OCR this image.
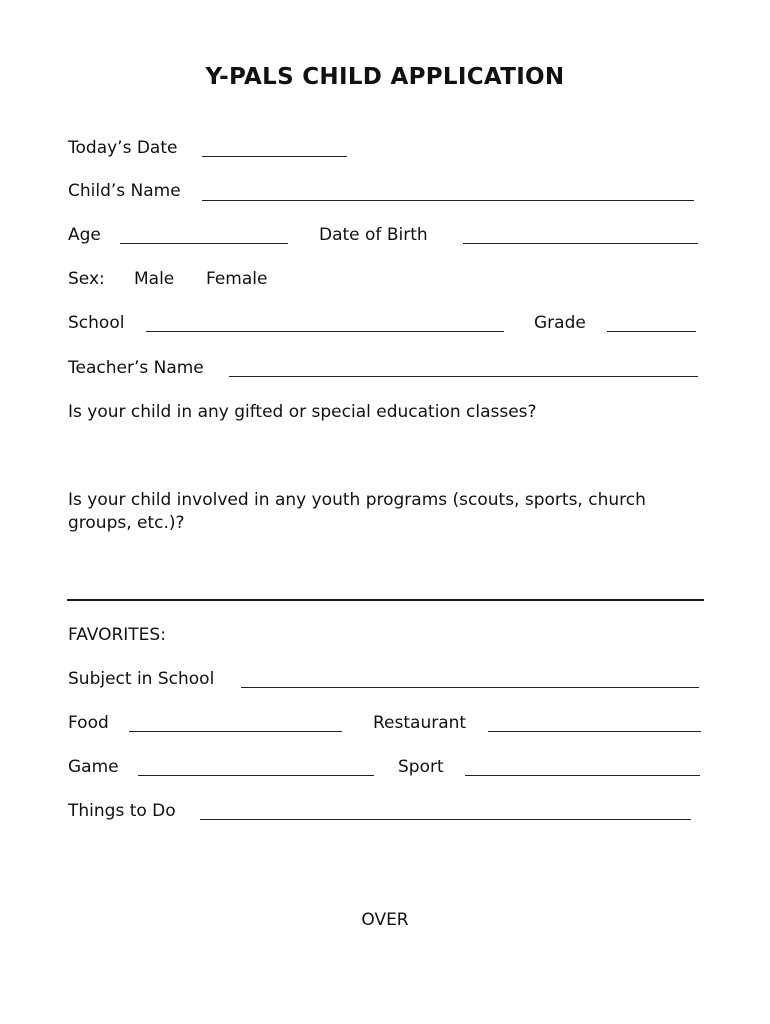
Y-PALS CHILD APPLICATION
Today’s Date
Child’s Name
Age	Date of Birth
Sex: Male Female
School	Grade
Teacher’s Name
Is your child in any gifted or special education classes?
Is your child involved in any youth programs (scouts, sports, church groups, etc.)?
FAVORITES:
Subject in School
Food	Restaurant
Game	Sport
Things to Do
OVER
